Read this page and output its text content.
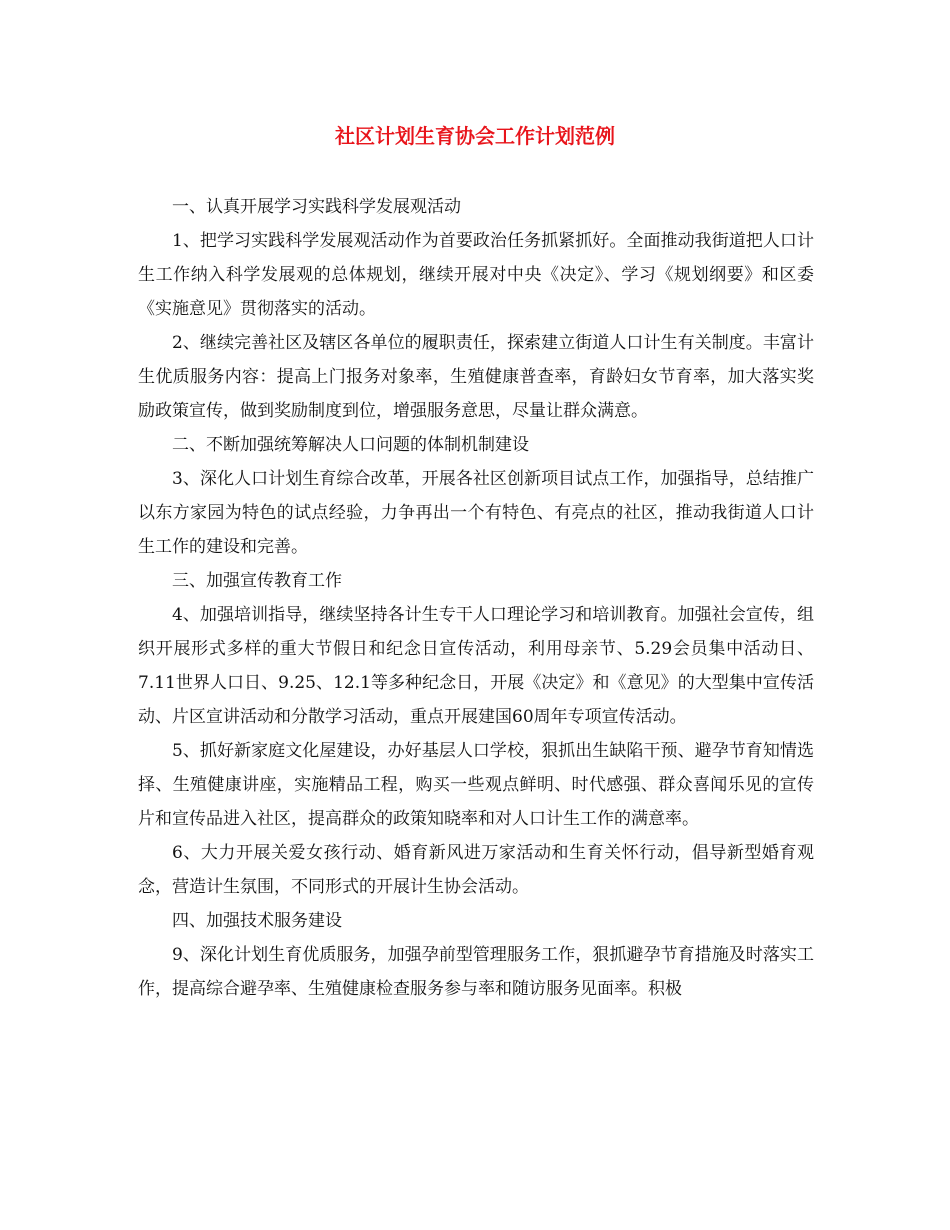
社区计划生育协会工作计划范例

一、认真开展学习实践科学发展观活动

1、把学习实践科学发展观活动作为首要政治任务抓紧抓好。全面推动我街道把人口计生工作纳入科学发展观的总体规划，继续开展对中央《决定》、学习《规划纲要》和区委《实施意见》贯彻落实的活动。

2、继续完善社区及辖区各单位的履职责任，探索建立街道人口计生有关制度。丰富计生优质服务内容：提高上门报务对象率，生殖健康普查率，育龄妇女节育率，加大落实奖励政策宣传，做到奖励制度到位，增强服务意思，尽量让群众满意。

二、不断加强统筹解决人口问题的体制机制建设

3、深化人口计划生育综合改革，开展各社区创新项目试点工作，加强指导，总结推广以东方家园为特色的试点经验，力争再出一个有特色、有亮点的社区，推动我街道人口计生工作的建设和完善。

三、加强宣传教育工作

4、加强培训指导，继续坚持各计生专干人口理论学习和培训教育。加强社会宣传，组织开展形式多样的重大节假日和纪念日宣传活动，利用母亲节、5.29会员集中活动日、7.11世界人口日、9.25、12.1等多种纪念日，开展《决定》和《意见》的大型集中宣传活动、片区宣讲活动和分散学习活动，重点开展建国60周年专项宣传活动。

5、抓好新家庭文化屋建设，办好基层人口学校，狠抓出生缺陷干预、避孕节育知情选择、生殖健康讲座，实施精品工程，购买一些观点鲜明、时代感强、群众喜闻乐见的宣传片和宣传品进入社区，提高群众的政策知晓率和对人口计生工作的满意率。

6、大力开展关爱女孩行动、婚育新风进万家活动和生育关怀行动，倡导新型婚育观念，营造计生氛围，不同形式的开展计生协会活动。

四、加强技术服务建设

9、深化计划生育优质服务，加强孕前型管理服务工作，狠抓避孕节育措施及时落实工作，提高综合避孕率、生殖健康检查服务参与率和随访服务见面率。积极
